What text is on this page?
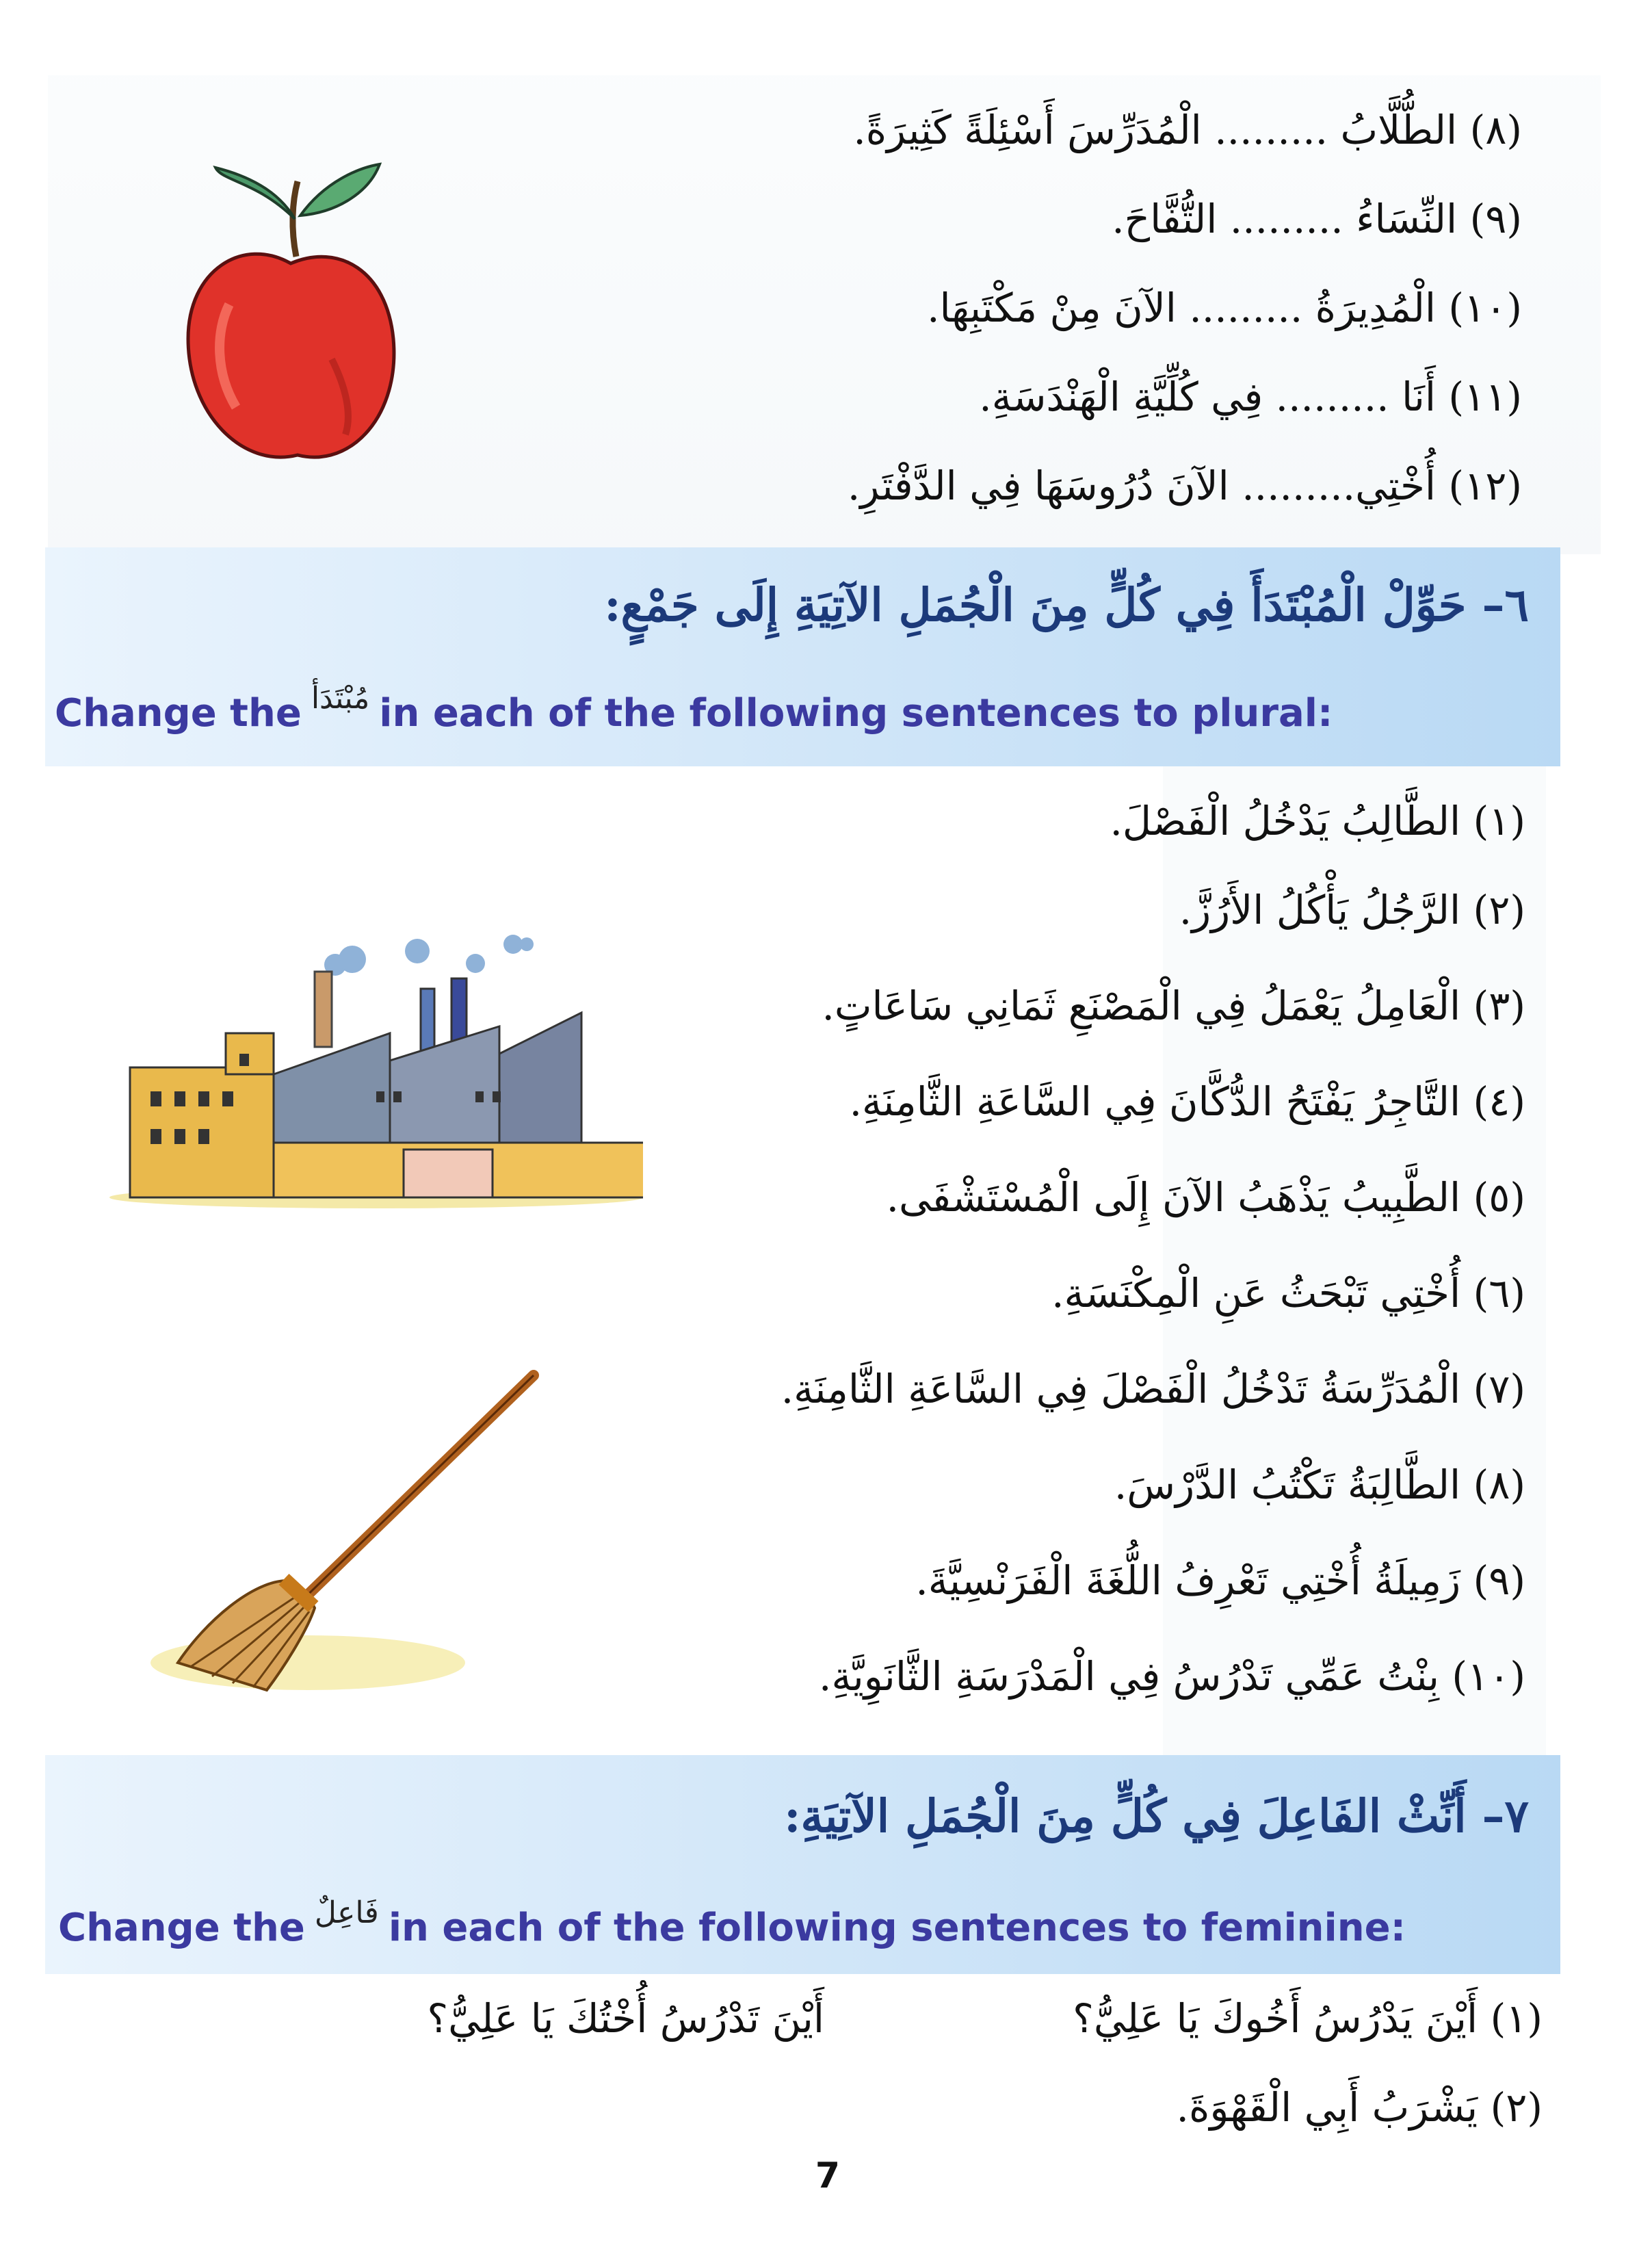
(٨) الطُّلَّابُ ......... الْمُدَرِّسَ أَسْئِلَةً كَثِيرَةً.
(٩) النِّسَاءُ ......... التُّفَّاحَ.
(١٠) الْمُدِيرَةُ ......... الآنَ مِنْ مَكْتَبِهَا.
(١١) أَنَا ......... فِي كُلِّيَّةِ الْهَنْدَسَةِ.
(١٢) أُخْتِي......... الآنَ دُرُوسَهَا فِي الدَّفْتَرِ.
٦– حَوِّلْ الْمُبْتَدَأَ فِي كُلٍّ مِنَ الْجُمَلِ الآتِيَةِ إِلَى جَمْعٍ:
Change the $^{مُبْتَدَأ}$ in each of the following sentences to plural:
(١) الطَّالِبُ يَدْخُلُ الْفَصْلَ.
(٢) الرَّجُلُ يَأْكُلُ الأَرُزَّ.
(٣) الْعَامِلُ يَعْمَلُ فِي الْمَصْنَعِ ثَمَانِي سَاعَاتٍ.
(٤) التَّاجِرُ يَفْتَحُ الدُّكَّانَ فِي السَّاعَةِ الثَّامِنَةِ.
(٥) الطَّبِيبُ يَذْهَبُ الآنَ إِلَى الْمُسْتَشْفَى.
(٦) أُخْتِي تَبْحَثُ عَنِ الْمِكْنَسَةِ.
(٧) الْمُدَرِّسَةُ تَدْخُلُ الْفَصْلَ فِي السَّاعَةِ الثَّامِنَةِ.
(٨) الطَّالِبَةُ تَكْتُبُ الدَّرْسَ.
(٩) زَمِيلَةُ أُخْتِي تَعْرِفُ اللُّغَةَ الْفَرَنْسِيَّةَ.
(١٠) بِنْتُ عَمِّي تَدْرُسُ فِي الْمَدْرَسَةِ الثَّانَوِيَّةِ.
٧– أَنِّثْ الفَاعِلَ فِي كُلٍّ مِنَ الْجُمَلِ الآتِيَةِ:
Change the $^{فَاعِلٌ}$ in each of the following sentences to feminine:
(١) أَيْنَ يَدْرُسُ أَخُوكَ يَا عَلِيُّ؟
أَيْنَ تَدْرُسُ أُخْتُكَ يَا عَلِيُّ؟
(٢) يَشْرَبُ أَبِي الْقَهْوَةَ.
7
